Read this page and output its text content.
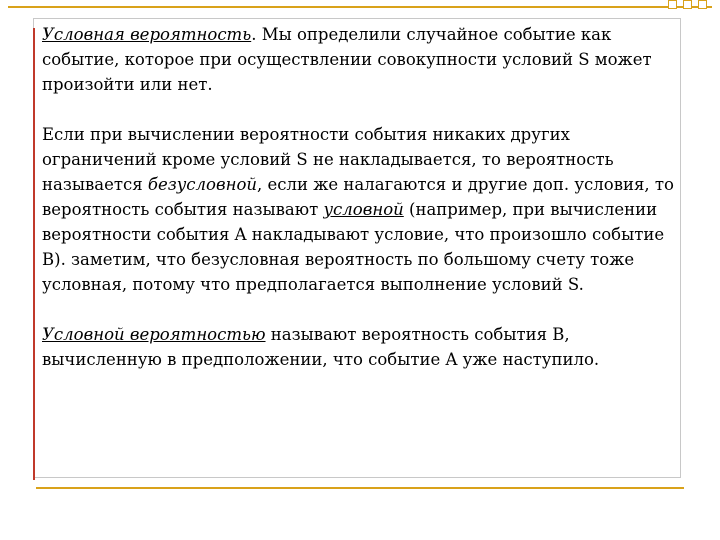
Условная вероятность. Мы определили случайное событие как событие, которое при осуществлении совокупности условий S может произойти или нет.

Если при вычислении вероятности события никаких других ограничений кроме условий S не накладывается, то вероятность называется безусловной, если же налагаются и другие доп. условия, то вероятность события называют условной (например, при вычислении вероятности события A накладывают условие, что произошло событие B). заметим, что безусловная вероятность по большому счету тоже условная, потому что предполагается выполнение условий S.

Условной вероятностью называют вероятность события B, вычисленную в предположении, что событие A уже наступило.
